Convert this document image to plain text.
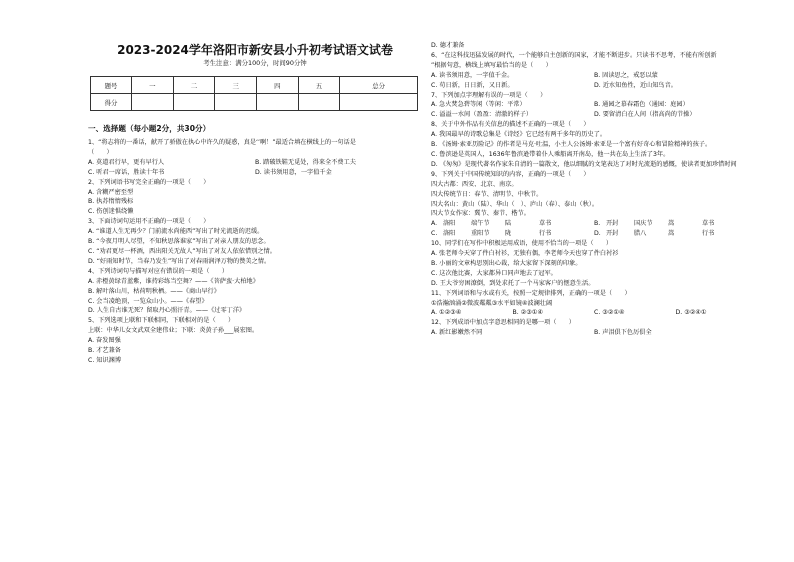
2023-2024学年洛阳市新安县小升初考试语文试卷
考生注意：满分100分，时间90分钟
题号	一	二	三	四	五	总分
得分						
一、选择题（每小题2分，共30分）
1、“将志将的一番话，献开了骄傲在执心中许久的疑惑，真是‘’啊！”最适合填在横线上的一句话是
（　　）
A. 莫道君行早，更有早行人	B. 踏破铁鞋无觅处，得来全不费工夫
C. 听君一席话，胜读十年书	D. 读书须用意，一字值千金
2、下列词语书写完全正确的一项是（　　）
A. 含糊严密至型
B. 执苏惰惰残标
C. 伤创迷惧绕懒
3、下面诗词句运用不正确的一项是（　　）
A. “谁道人生无再少？门前流水尚能西”写出了时光流逝的迟缓。
B. “今夜月明人尽望，不知秋思落谁家”写出了对亲人朋友的思念。
C. “劝君更尽一杯酒，西出阳关无故人”写出了对友人依依惜别之情。
D. “好雨知时节，当春乃发生”写出了对春雨润泽万物的赞美之情。
4、下列诗词句与描写对应有错误的一项是（　　）
A. 赤橙黄绿青蓝紫，谁持彩练当空舞？——《菩萨蛮·大柏地》
B. 解叶落山川，枯荷明秋栖。——《商山早行》
C. 会当凌绝顶，一览众山小。——《春望》
D. 人生自古谁无死？留取丹心照汗青。——《过零丁洋》
5、下列选项上联和下联相同，下联相对的是（　　）
上联：中华儿女文武双全建伟业；下联：炎黄子孙___展宏图。
A. 奋发图强
B. 才艺兼备
C. 知识渊博
D. 德才兼备
6、“在这科技迅猛发展的时代，一个能够自主创新的国家，才能不断进步。只读书不思考，不能有所创新
”根据句意，横线上填写最恰当的是（　　）
A. 读书须用意，一字值千金。	B. 固读思之，戒恶以蒙
C. 苟日新，日日新，又日新。	D. 近水知鱼性，近山知鸟音。
7、下列加点字理解有误的一项是（　　）
A. 急火焚急碧等闲（等闲：平常）	B. 通园之慕春霜色（通园：庭园）
C. 溢溢一水间（盈盈：清澈的样子）	D. 要留清白在人间（指高尚的节操）
8、关于中外作品有关信息的描述不正确的一项是（　　）
A. 我国最早的诗歌总集是《诗经》它已经有两千多年的历史了。
B. 《汤姆·索亚历险记》的作者是马克·吐温，小主人公汤姆·索亚是一个富有好奇心和冒险精神的孩子。
C. 鲁滨逊是英国人，1636年鲁滨逊带着仆人乘船离开南岛，他一共在岛上生活了3年。
D. 《匆匆》是现代著名作家朱自清的一篇散文，他以细腻的文笔表达了对时光流逝的感慨，使读者更加珍惜时间
9、下列关于中国传统知识的内容，正确的一项是（　　）
四大古都：西安、北京、南京。
四大传统节日：春节、清明节、中秋节。
四大名山：黄山（陆）、华山（　）、庐山（春）、泰山（秋）。
四大节女作家：冀节、秦节、楷节。
A. 洛阳	端午节	陆	草书	B. 开封	国庆节	嵩	草书
C. 洛阳	重阳节	陇	行书	D. 开封	腊八	嵩	行书
10、同学们在写作中积极运用成语，使用不恰当的一项是（　　）
A. 张老师今天穿了件白衬衫，无独有偶，李老师今天也穿了件白衬衫
B. 小丽的文章构思别出心裁，给大家留下深刻的印象。
C. 这次他比赛，大家都异口同声地去了冠军。
D. 王大爷穷困潦倒，到处求托了一个马家客户的惬意生活。
11、下列词语和与水或有关，按照一定规律排列，正确的一项是（　　）
①浩瀚汹涌②微波粼粼③水平如镜④波澜壮阔
A. ①②③④	B. ②③①④	C. ③②①④	D. ③②④①
12、下列成语中加点字意思相同的是哪一项（　　）
A. 新红影嫩然不同	B. 声泪俱下色厉俱全
